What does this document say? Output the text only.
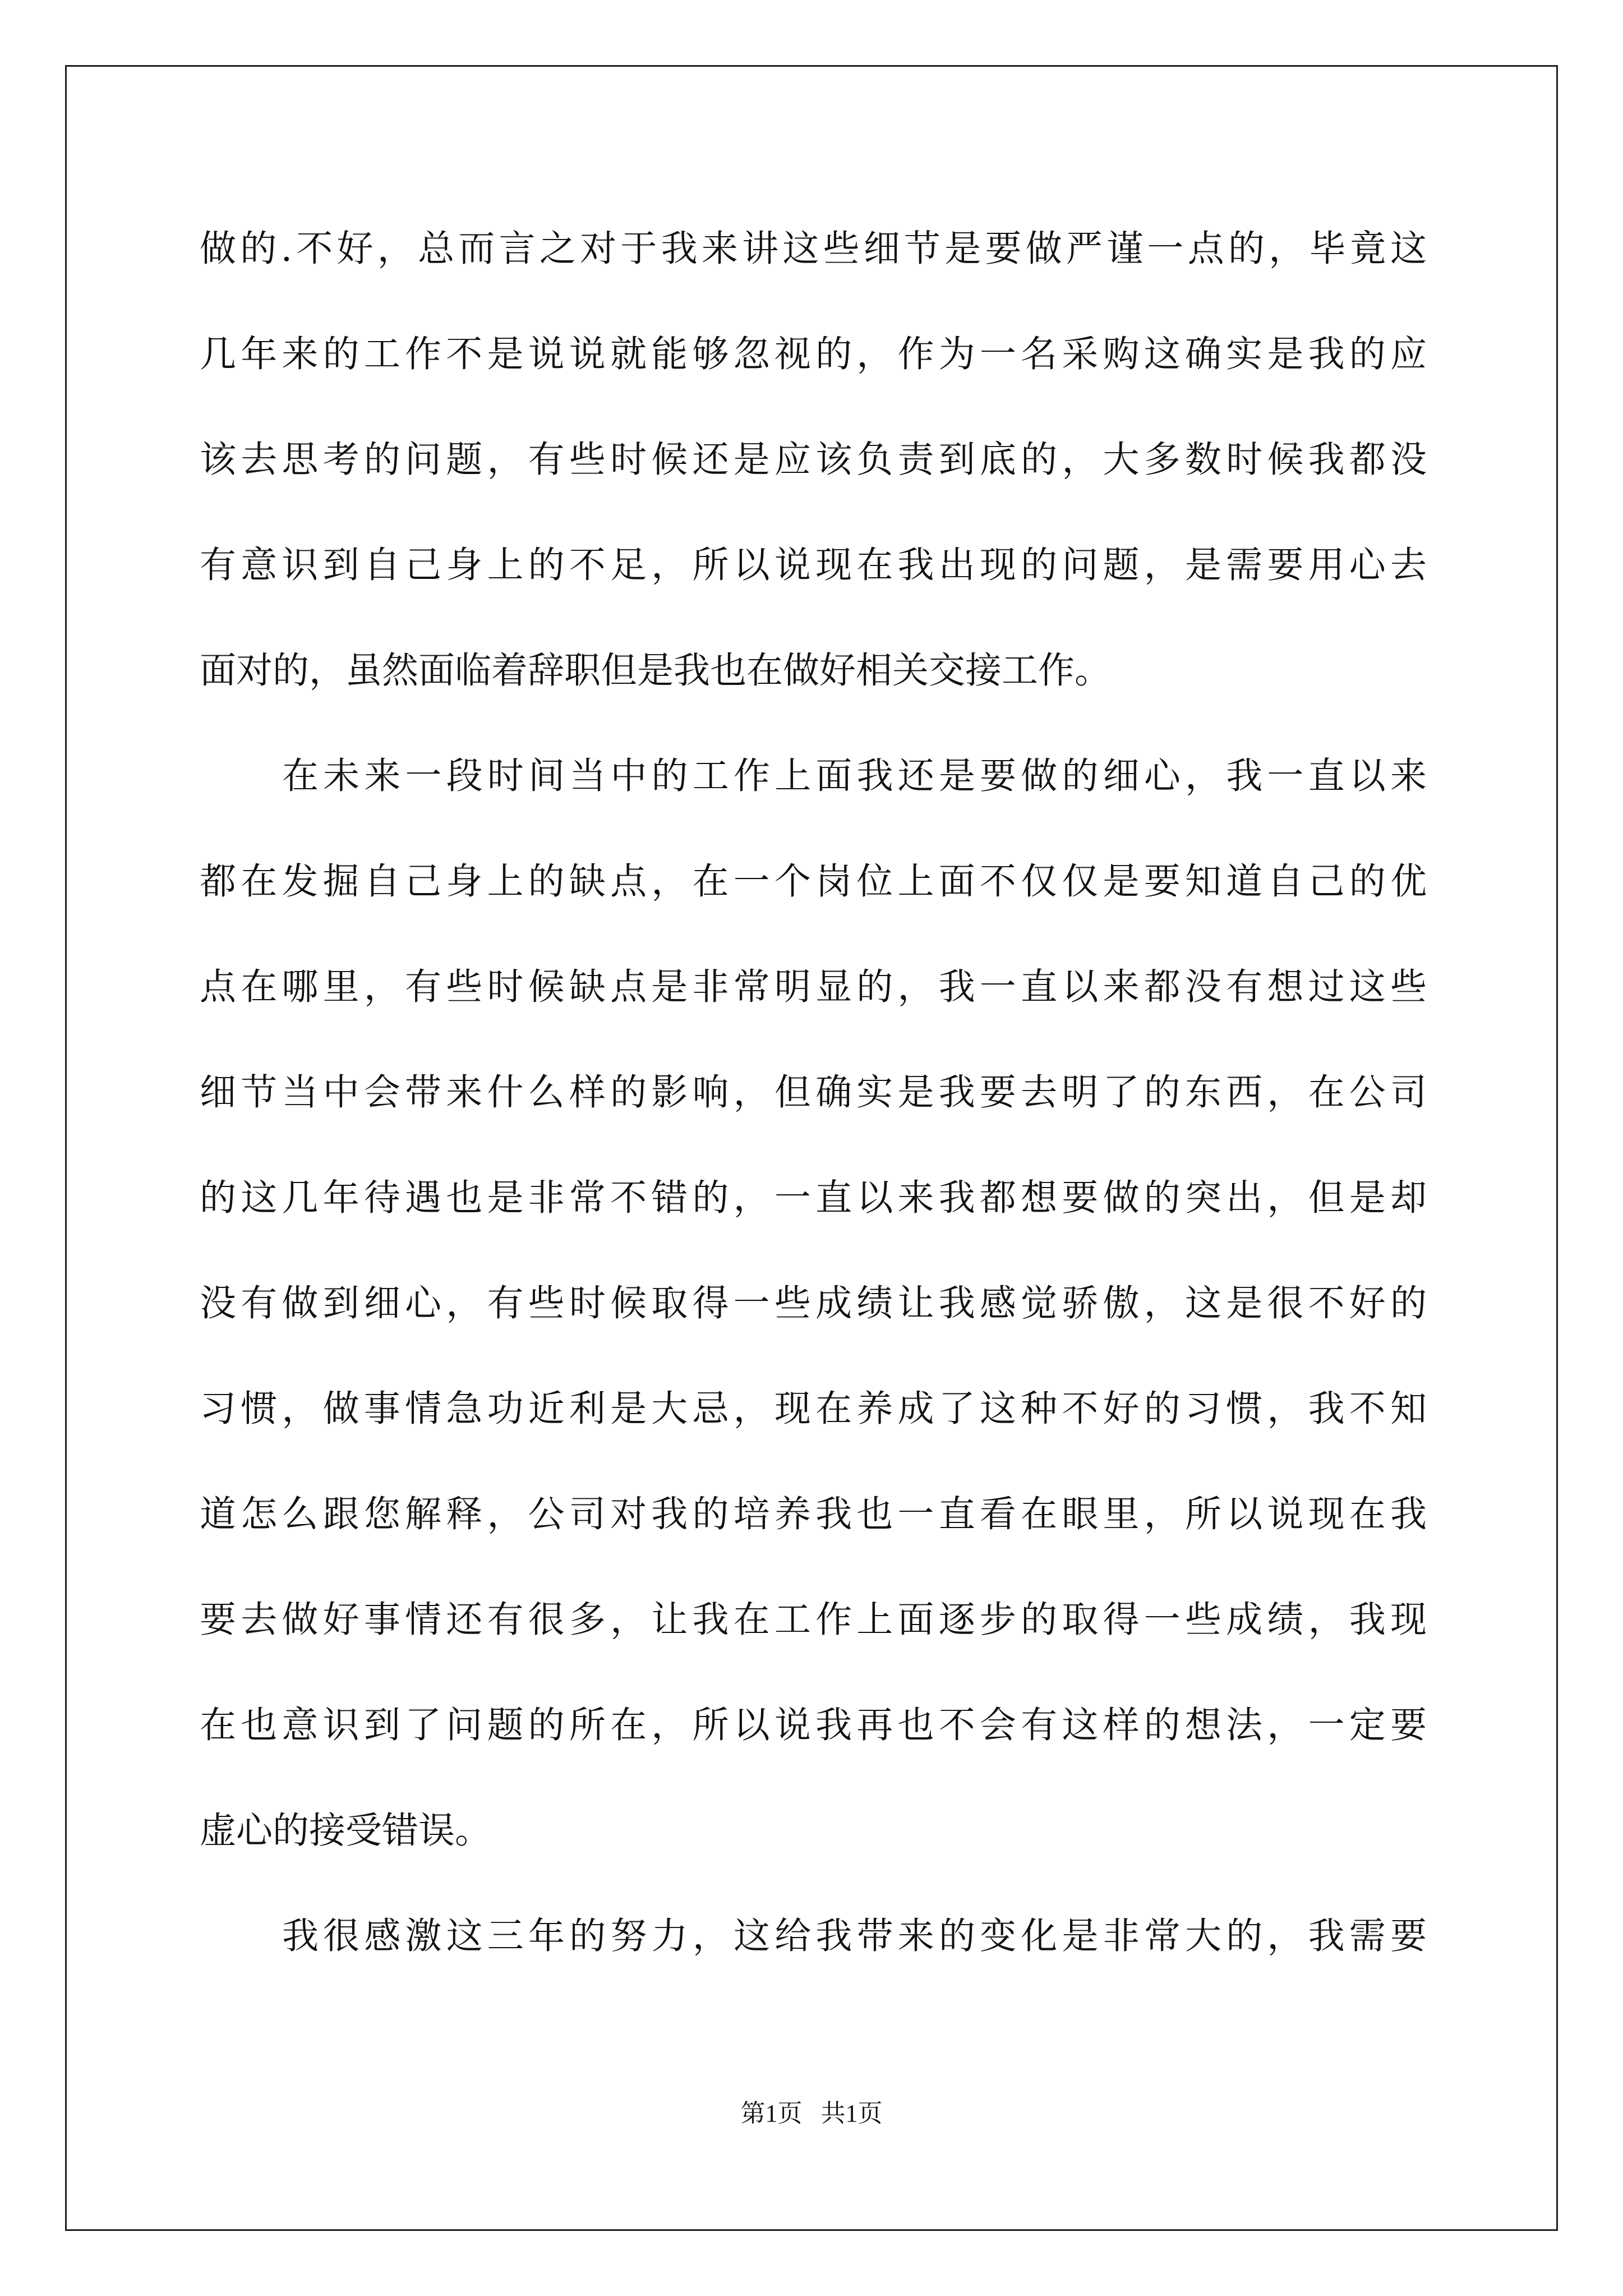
做的.不好，总而言之对于我来讲这些细节是要做严谨一点的，毕竟这
几年来的工作不是说说就能够忽视的，作为一名采购这确实是我的应
该去思考的问题，有些时候还是应该负责到底的，大多数时候我都没
有意识到自己身上的不足，所以说现在我出现的问题，是需要用心去
面对的，虽然面临着辞职但是我也在做好相关交接工作。
在未来一段时间当中的工作上面我还是要做的细心，我一直以来
都在发掘自己身上的缺点，在一个岗位上面不仅仅是要知道自己的优
点在哪里，有些时候缺点是非常明显的，我一直以来都没有想过这些
细节当中会带来什么样的影响，但确实是我要去明了的东西，在公司
的这几年待遇也是非常不错的，一直以来我都想要做的突出，但是却
没有做到细心，有些时候取得一些成绩让我感觉骄傲，这是很不好的
习惯，做事情急功近利是大忌，现在养成了这种不好的习惯，我不知
道怎么跟您解释，公司对我的培养我也一直看在眼里，所以说现在我
要去做好事情还有很多，让我在工作上面逐步的取得一些成绩，我现
在也意识到了问题的所在，所以说我再也不会有这样的想法，一定要
虚心的接受错误。
我很感激这三年的努力，这给我带来的变化是非常大的，我需要
第1页   共1页
